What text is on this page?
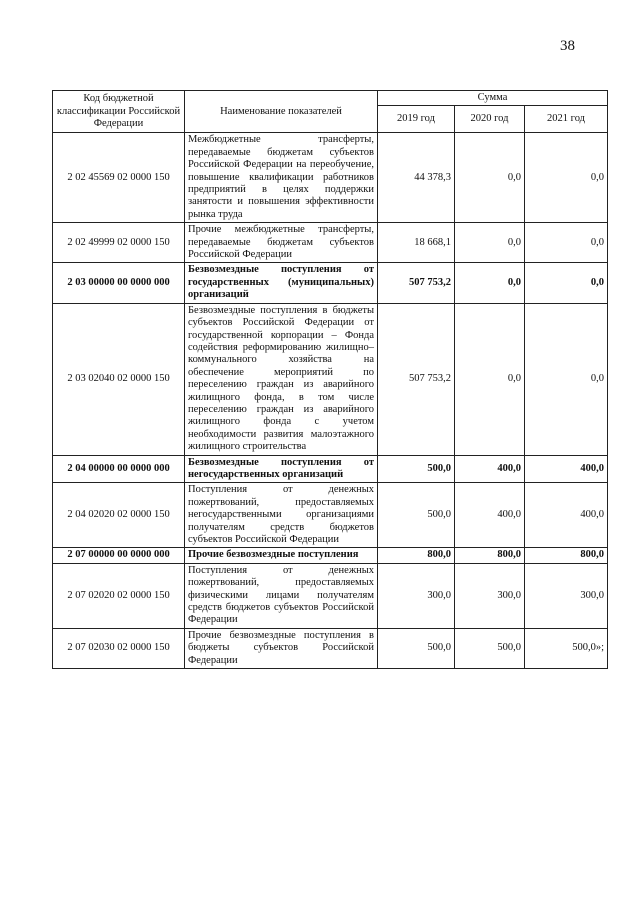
38
Код бюджетной классификации Российской Федерации	Наименование показателей	Сумма		
		2019 год	2020 год	2021 год
2 02 45569 02 0000 150	Межбюджетные трансферты, передаваемые бюджетам субъектов Российской Федерации на переобучение, повышение квалификации работников предприятий в целях поддержки занятости и повышения эффективности рынка труда	44 378,3	0,0	0,0
2 02 49999 02 0000 150	Прочие межбюджетные трансферты, передаваемые бюджетам субъектов Российской Федерации	18 668,1	0,0	0,0
2 03 00000 00 0000 000	Безвозмездные поступления от государственных (муниципальных) организаций	507 753,2	0,0	0,0
2 03 02040 02 0000 150	Безвозмездные поступления в бюджеты субъектов Российской Федерации от государственной корпорации – Фонда содействия реформированию жилищно–коммунального хозяйства на обеспечение мероприятий по переселению граждан из аварийного жилищного фонда, в том числе переселению граждан из аварийного жилищного фонда с учетом необходимости развития малоэтажного жилищного строительства	507 753,2	0,0	0,0
2 04 00000 00 0000 000	Безвозмездные поступления от негосударственных организаций	500,0	400,0	400,0
2 04 02020 02 0000 150	Поступления от денежных пожертвований, предоставляемых негосударственными организациями получателям средств бюджетов субъектов Российской Федерации	500,0	400,0	400,0
2 07 00000 00 0000 000	Прочие безвозмездные поступления	800,0	800,0	800,0
2 07 02020 02 0000 150	Поступления от денежных пожертвований, предоставляемых физическими лицами получателям средств бюджетов субъектов Российской Федерации	300,0	300,0	300,0
2 07 02030 02 0000 150	Прочие безвозмездные поступления в бюджеты субъектов Российской Федерации	500,0	500,0	500,0»;
